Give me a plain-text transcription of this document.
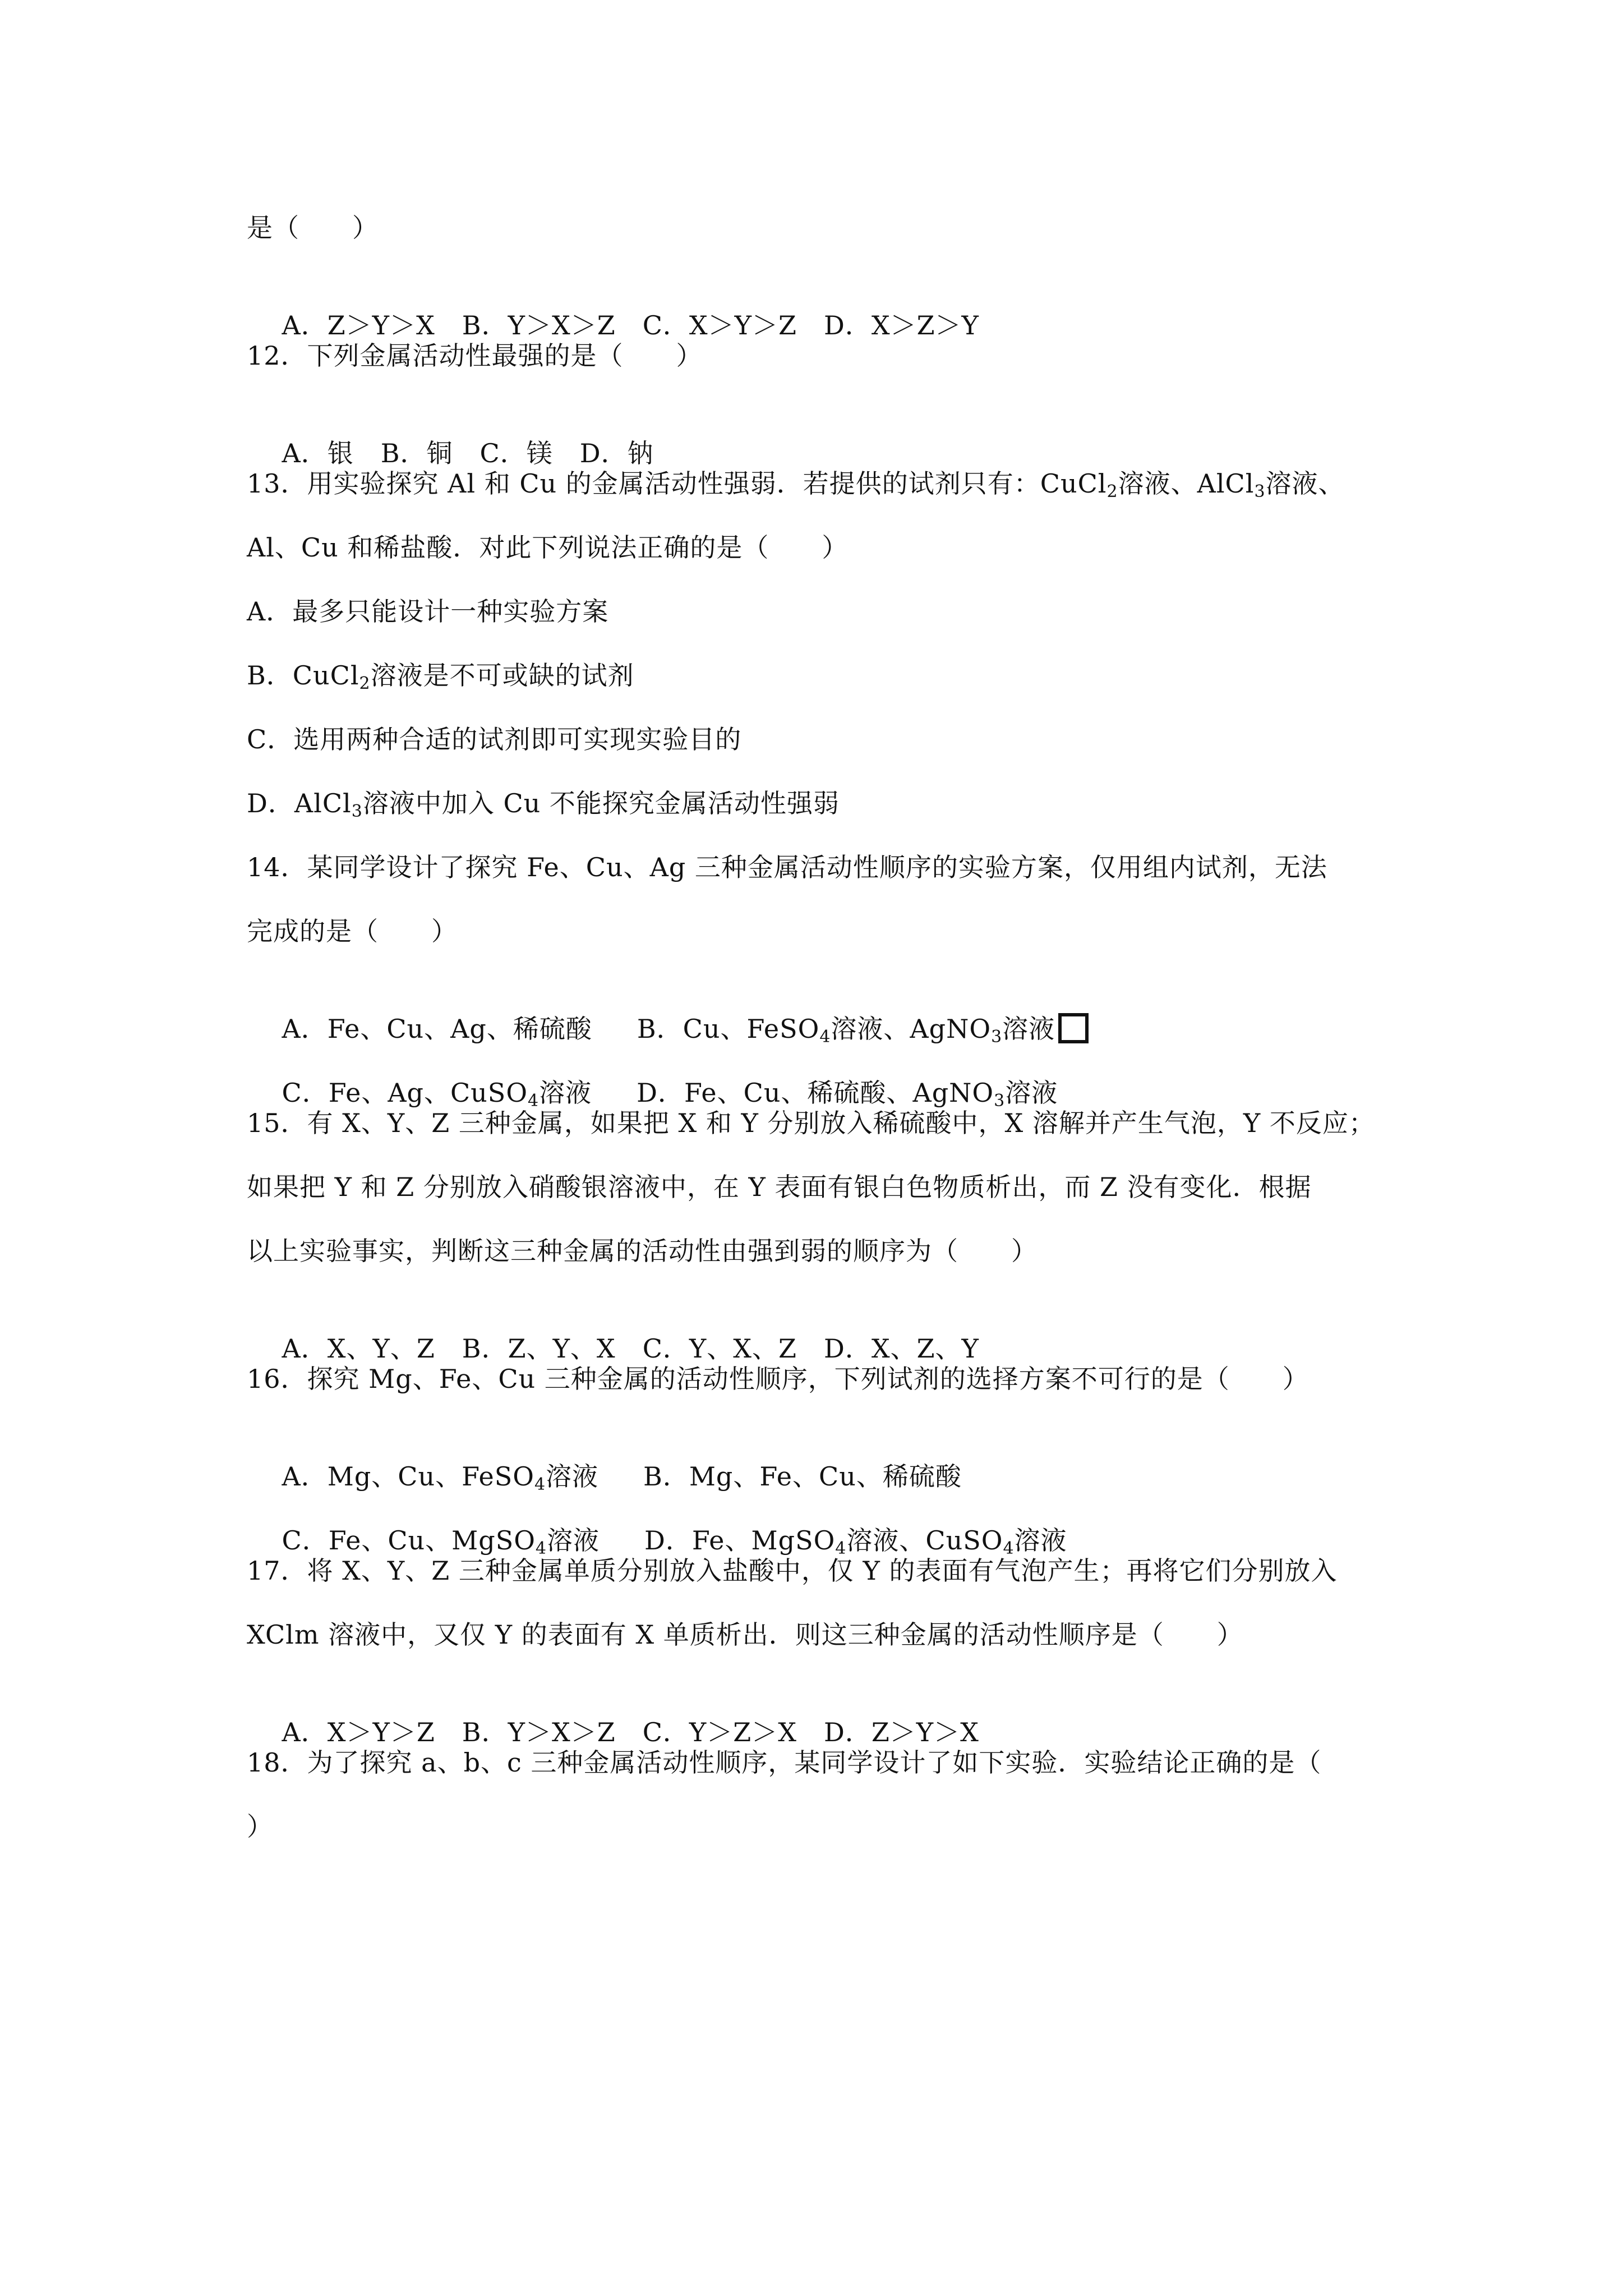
是（　　）

A．Z＞Y＞X B．Y＞X＞Z C．X＞Y＞Z D．X＞Z＞Y

12．下列金属活动性最强的是（　　）

A．银 B．铜 C．镁 D．钠

13．用实验探究 Al 和 Cu 的金属活动性强弱．若提供的试剂只有：CuCl$_2$溶液、AlCl$_3$溶液、
Al、Cu 和稀盐酸．对此下列说法正确的是（　　）
A．最多只能设计一种实验方案
B．CuCl$_2$溶液是不可或缺的试剂
C．选用两种合适的试剂即可实现实验目的
D．AlCl$_3$溶液中加入 Cu 不能探究金属活动性强弱
14．某同学设计了探究 Fe、Cu、Ag 三种金属活动性顺序的实验方案，仅用组内试剂，无法
完成的是（　　）

A．Fe、Cu、Ag、稀硫酸 B．Cu、FeSO$_4$溶液、AgNO$_3$溶液

C．Fe、Ag、CuSO$_4$溶液 D．Fe、Cu、稀硫酸、AgNO$_3$溶液

15．有 X、Y、Z 三种金属，如果把 X 和 Y 分别放入稀硫酸中，X 溶解并产生气泡，Y 不反应；
如果把 Y 和 Z 分别放入硝酸银溶液中，在 Y 表面有银白色物质析出，而 Z 没有变化．根据
以上实验事实，判断这三种金属的活动性由强到弱的顺序为（　　）

A．X、Y、Z B．Z、Y、X C．Y、X、Z D．X、Z、Y

16．探究 Mg、Fe、Cu 三种金属的活动性顺序，下列试剂的选择方案不可行的是（　　）

A．Mg、Cu、FeSO$_4$溶液 B．Mg、Fe、Cu、稀硫酸

C．Fe、Cu、MgSO$_4$溶液 D．Fe、MgSO$_4$溶液、CuSO$_4$溶液

17．将 X、Y、Z 三种金属单质分别放入盐酸中，仅 Y 的表面有气泡产生；再将它们分别放入
XClm 溶液中，又仅 Y 的表面有 X 单质析出．则这三种金属的活动性顺序是（　　）

A．X＞Y＞Z B．Y＞X＞Z C．Y＞Z＞X D．Z＞Y＞X

18．为了探究 a、b、c 三种金属活动性顺序，某同学设计了如下实验．实验结论正确的是（
）
